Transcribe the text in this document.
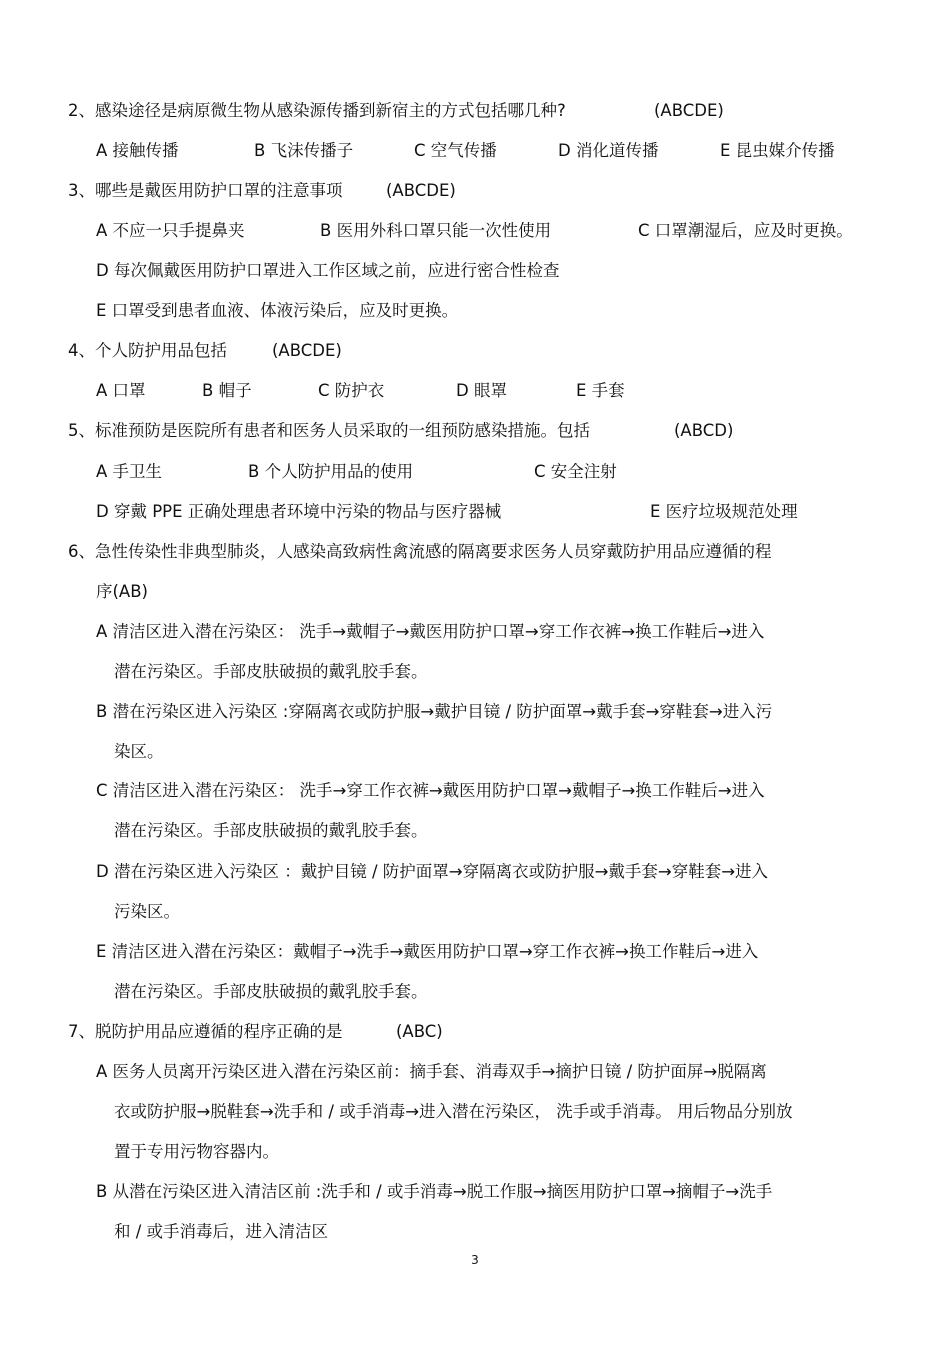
2、感染途径是病原微生物从感染源传播到新宿主的方式包括哪几种?	(ABCDE)
A 接触传播	B 飞沫传播子	C 空气传播	D 消化道传播	E 昆虫媒介传播
3、哪些是戴医用防护口罩的注意事项	(ABCDE)
A 不应一只手提鼻夹	B 医用外科口罩只能一次性使用	C 口罩潮湿后，应及时更换。
D 每次佩戴医用防护口罩进入工作区域之前，应进行密合性检查
E 口罩受到患者血液、体液污染后，应及时更换。
4、个人防护用品包括	(ABCDE)
A 口罩	B 帽子	C 防护衣	D 眼罩	E 手套
5、标准预防是医院所有患者和医务人员采取的一组预防感染措施。包括	(ABCD)
A 手卫生	B 个人防护用品的使用	C 安全注射
D 穿戴 PPE 正确处理患者环境中污染的物品与医疗器械	E 医疗垃圾规范处理
6、急性传染性非典型肺炎，人感染高致病性禽流感的隔离要求医务人员穿戴防护用品应遵循的程
序(AB)
A 清洁区进入潜在污染区： 洗手→戴帽子→戴医用防护口罩→穿工作衣裤→换工作鞋后→进入
潜在污染区。手部皮肤破损的戴乳胶手套。
B 潜在污染区进入污染区 :穿隔离衣或防护服→戴护目镜 / 防护面罩→戴手套→穿鞋套→进入污
染区。
C 清洁区进入潜在污染区： 洗手→穿工作衣裤→戴医用防护口罩→戴帽子→换工作鞋后→进入
潜在污染区。手部皮肤破损的戴乳胶手套。
D 潜在污染区进入污染区 ：戴护目镜 / 防护面罩→穿隔离衣或防护服→戴手套→穿鞋套→进入
污染区。
E 清洁区进入潜在污染区：戴帽子→洗手→戴医用防护口罩→穿工作衣裤→换工作鞋后→进入
潜在污染区。手部皮肤破损的戴乳胶手套。
7、脱防护用品应遵循的程序正确的是	(ABC)
A 医务人员离开污染区进入潜在污染区前：摘手套、消毒双手→摘护日镜 / 防护面屏→脱隔离
衣或防护服→脱鞋套→洗手和 / 或手消毒→进入潜在污染区， 洗手或手消毒。 用后物品分别放
置于专用污物容器内。
B 从潜在污染区进入清洁区前 :洗手和 / 或手消毒→脱工作服→摘医用防护口罩→摘帽子→洗手
和 / 或手消毒后，进入清洁区
3
